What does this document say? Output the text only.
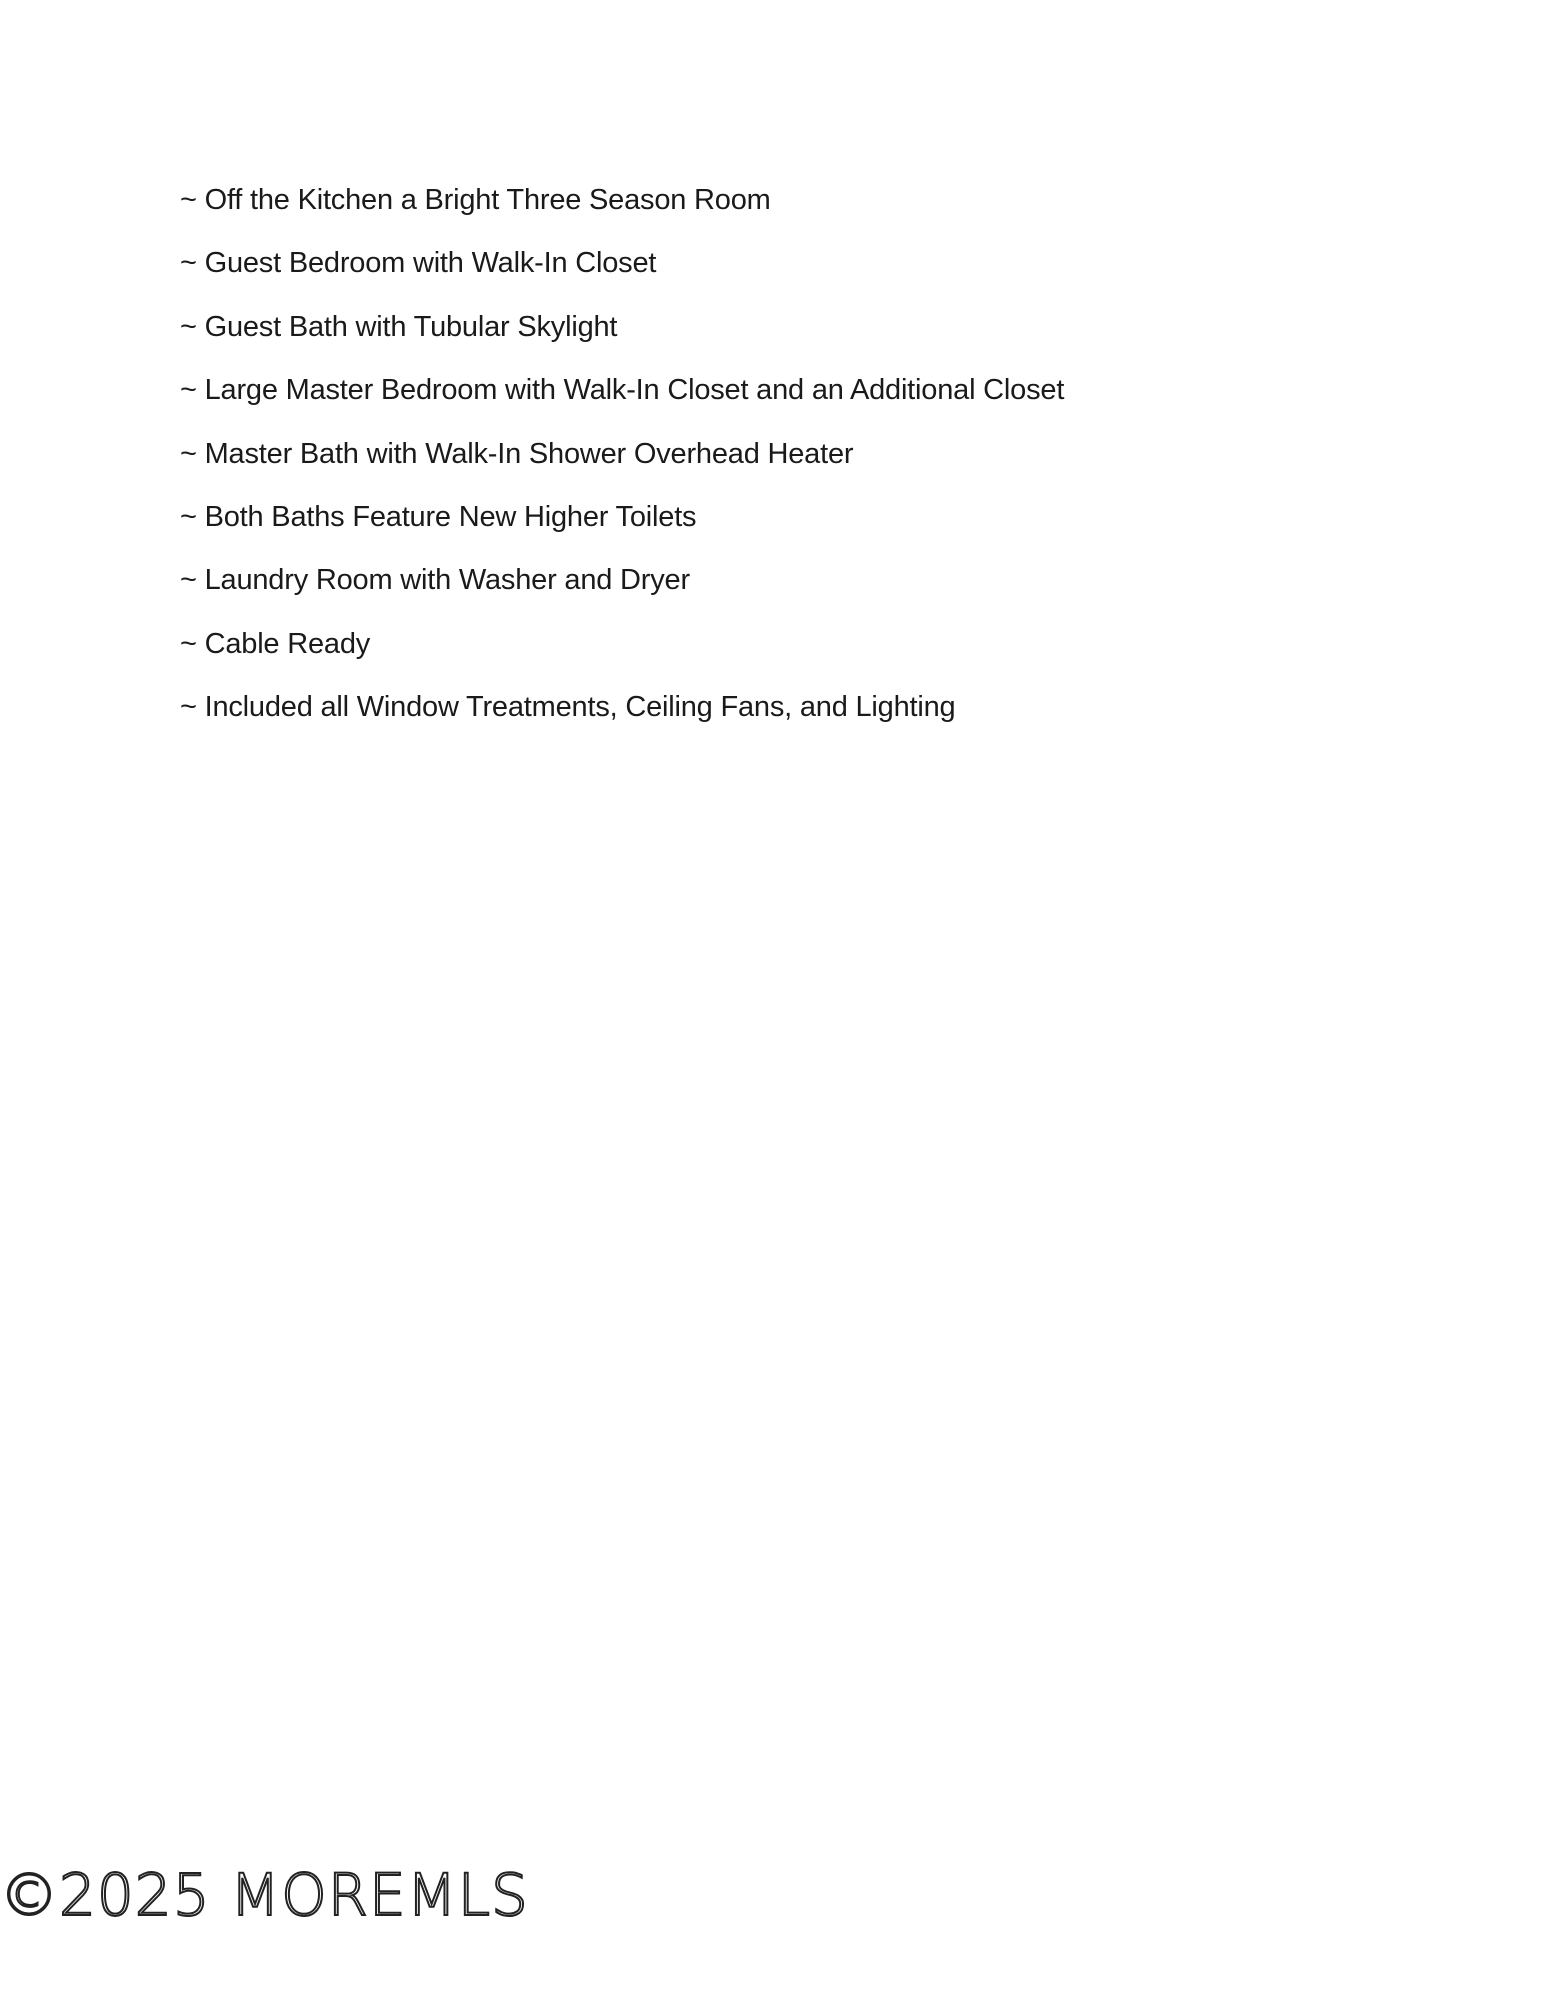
~ Off the Kitchen a Bright Three Season Room
~ Guest Bedroom with Walk-In Closet
~ Guest Bath with Tubular Skylight
~ Large Master Bedroom with Walk-In Closet and an Additional Closet
~ Master Bath with Walk-In Shower Overhead Heater
~ Both Baths Feature New Higher Toilets
~ Laundry Room with Washer and Dryer
~ Cable Ready
~ Included all Window Treatments, Ceiling Fans, and Lighting
©2025 MOREMLS
